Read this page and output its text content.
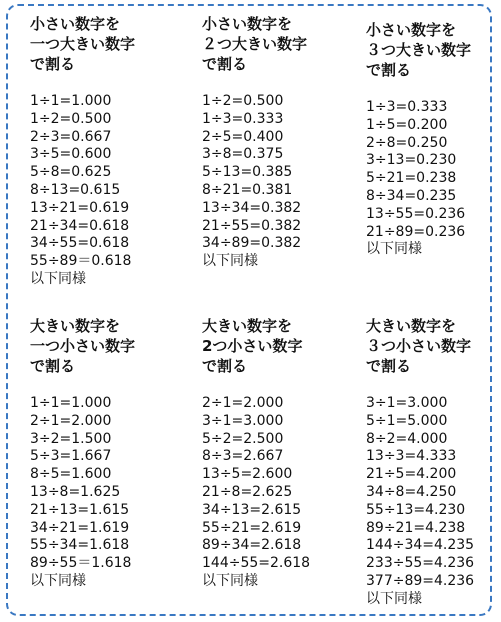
小さい数字を
一つ大きい数字
で割る
1÷1=1.000
1÷2=0.500
2÷3=0.667
3÷5=0.600
5÷8=0.625
8÷13=0.615
13÷21=0.619
21÷34=0.618
34÷55=0.618
55÷89＝0.618
以下同様
小さい数字を
２つ大きい数字
で割る
1÷2=0.500
1÷3=0.333
2÷5=0.400
3÷8=0.375
5÷13=0.385
8÷21=0.381
13÷34=0.382
21÷55=0.382
34÷89=0.382
以下同様
小さい数字を
３つ大きい数字
で割る
1÷3=0.333
1÷5=0.200
2÷8=0.250
3÷13=0.230
5÷21=0.238
8÷34=0.235
13÷55=0.236
21÷89=0.236
以下同様
大きい数字を
一つ小さい数字
で割る
1÷1=1.000
2÷1=2.000
3÷2=1.500
5÷3=1.667
8÷5=1.600
13÷8=1.625
21÷13=1.615
34÷21=1.619
55÷34=1.618
89÷55＝1.618
以下同様
大きい数字を
2つ小さい数字
で割る
2÷1=2.000
3÷1=3.000
5÷2=2.500
8÷3=2.667
13÷5=2.600
21÷8=2.625
34÷13=2.615
55÷21=2.619
89÷34=2.618
144÷55=2.618
以下同様
大きい数字を
３つ小さい数字
で割る
3÷1=3.000
5÷1=5.000
8÷2=4.000
13÷3=4.333
21÷5=4.200
34÷8=4.250
55÷13=4.230
89÷21=4.238
144÷34=4.235
233÷55=4.236
377÷89=4.236
以下同様
